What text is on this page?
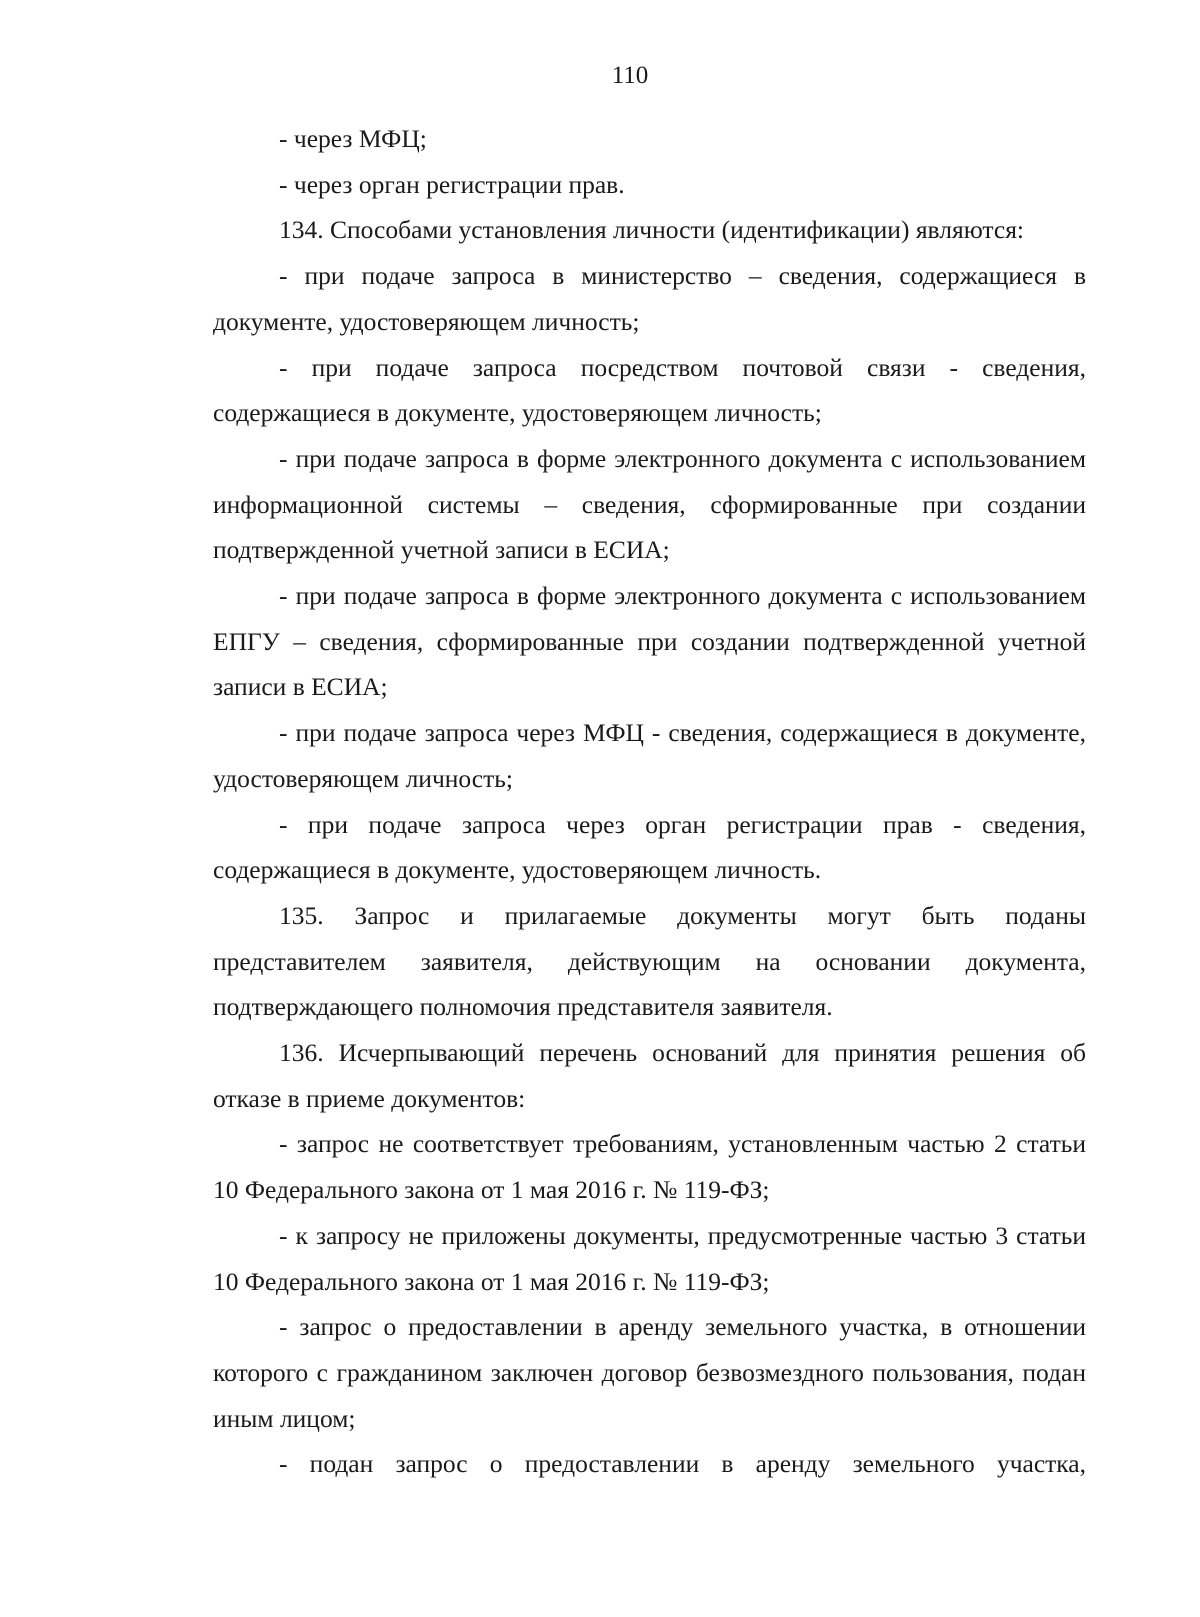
110

- через МФЦ;

- через орган регистрации прав.

134. Способами установления личности (идентификации) являются:

- при подаче запроса в министерство – сведения, содержащиеся в документе, удостоверяющем личность;

- при подаче запроса посредством почтовой связи - сведения, содержащиеся в документе, удостоверяющем личность;

- при подаче запроса в форме электронного документа с использованием информационной системы – сведения, сформированные при создании подтвержденной учетной записи в ЕСИА;

- при подаче запроса в форме электронного документа с использованием ЕПГУ – сведения, сформированные при создании подтвержденной учетной записи в ЕСИА;

- при подаче запроса через МФЦ - сведения, содержащиеся в документе, удостоверяющем личность;

- при подаче запроса через орган регистрации прав - сведения, содержащиеся в документе, удостоверяющем личность.

135. Запрос и прилагаемые документы могут быть поданы представителем заявителя, действующим на основании документа, подтверждающего полномочия представителя заявителя.

136. Исчерпывающий перечень оснований для принятия решения об отказе в приеме документов:

- запрос не соответствует требованиям, установленным частью 2 статьи 10 Федерального закона от 1 мая 2016 г. № 119-ФЗ;

- к запросу не приложены документы, предусмотренные частью 3 статьи 10 Федерального закона от 1 мая 2016 г. № 119-ФЗ;

- запрос о предоставлении в аренду земельного участка, в отношении которого с гражданином заключен договор безвозмездного пользования, подан иным лицом;

- подан запрос о предоставлении в аренду земельного участка,
